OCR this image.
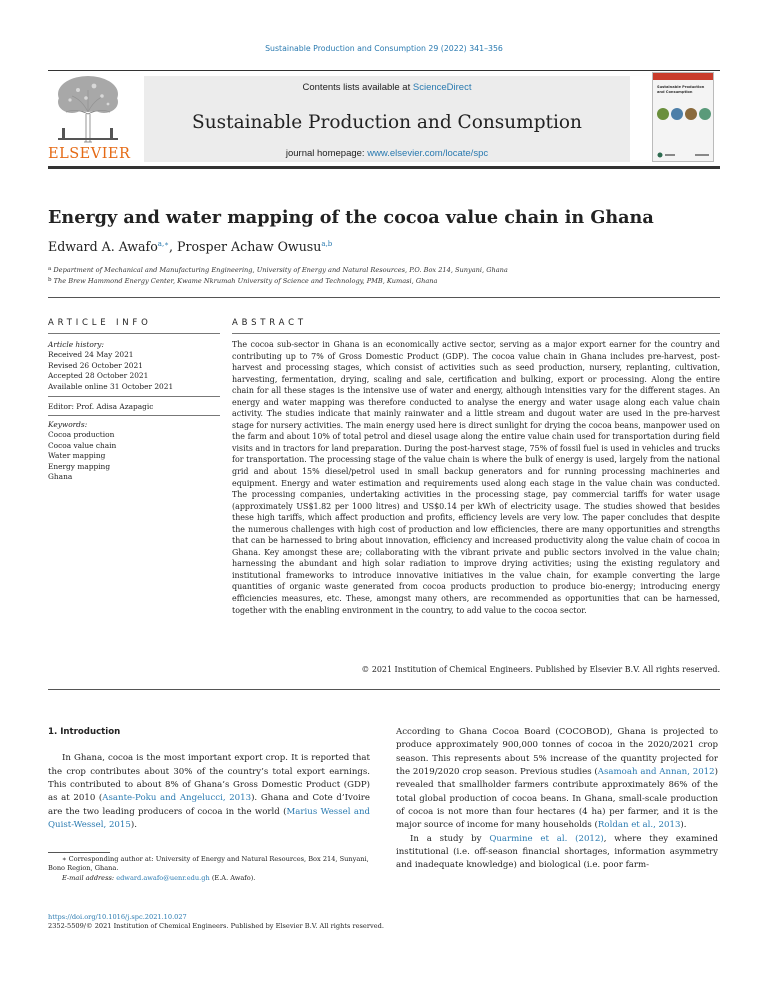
Sustainable Production and Consumption 29 (2022) 341–356
ELSEVIER
Contents lists available at ScienceDirect
Sustainable Production and Consumption
journal homepage: www.elsevier.com/locate/spc
Sustainable Production and Consumption
Energy and water mapping of the cocoa value chain in Ghana
Edward A. Awafo$^{a,∗}$, Prosper Achaw Owusu$^{a,b}$
$^a$ Department of Mechanical and Manufacturing Engineering, University of Energy and Natural Resources, P.O. Box 214, Sunyani, Ghana
$^b$ The Brew Hammond Energy Center, Kwame Nkrumah University of Science and Technology, PMB, Kumasi, Ghana
ARTICLE INFO	ABSTRACT
Article history:
Received 24 May 2021
Revised 26 October 2021
Accepted 28 October 2021
Available online 31 October 2021
Editor: Prof. Adisa Azapagic
Keywords:
Cocoa production
Cocoa value chain
Water mapping
Energy mapping
Ghana
The cocoa sub-sector in Ghana is an economically active sector, serving as a major export earner for the country and contributing up to 7% of Gross Domestic Product (GDP). The cocoa value chain in Ghana includes pre-harvest, post-harvest and processing stages, which consist of activities such as seed production, nursery, replanting, cultivation, harvesting, fermentation, drying, scaling and sale, certification and bulking, export or processing. Along the entire chain for all these stages is the intensive use of water and energy, although intensities vary for the different stages. An energy and water mapping was therefore conducted to analyse the energy and water usage along each value chain activity. The studies indicate that mainly rainwater and a little stream and dugout water are used in the pre-harvest stage for nursery activities. The main energy used here is direct sunlight for drying the cocoa beans, manpower used on the farm and about 10% of total petrol and diesel usage along the entire value chain used for transportation during field visits and in tractors for land preparation. During the post-harvest stage, 75% of fossil fuel is used in vehicles and trucks for transportation. The processing stage of the value chain is where the bulk of energy is used, largely from the national grid and about 15% diesel/petrol used in small backup generators and for running processing machineries and equipment. Energy and water estimation and requirements used along each stage in the value chain was conducted. The processing companies, undertaking activities in the processing stage, pay commercial tariffs for water usage (approximately US$1.82 per 1000 litres) and US$0.14 per kWh of electricity usage. The studies showed that besides these high tariffs, which affect production and profits, efficiency levels are very low. The paper concludes that despite the numerous challenges with high cost of production and low efficiencies, there are many opportunities and strengths that can be harnessed to bring about innovation, efficiency and increased productivity along the value chain of cocoa in Ghana. Key amongst these are; collaborating with the vibrant private and public sectors involved in the value chain; harnessing the abundant and high solar radiation to improve drying activities; using the existing regulatory and institutional frameworks to introduce innovative initiatives in the value chain, for example converting the large quantities of organic waste generated from cocoa products production to produce bio-energy; introducing energy efficiencies measures, etc. These, amongst many others, are recommended as opportunities that can be harnessed, together with the enabling environment in the country, to add value to the cocoa sector.
© 2021 Institution of Chemical Engineers. Published by Elsevier B.V. All rights reserved.
1. Introduction

In Ghana, cocoa is the most important export crop. It is reported that the crop contributes about 30% of the country’s total export earnings. This contributed to about 8% of Ghana’s Gross Domestic Product (GDP) as at 2010 (Asante-Poku and Angelucci, 2013). Ghana and Cote d’Ivoire are the two leading producers of cocoa in the world (Marius Wessel and Quist-Wessel, 2015).

According to Ghana Cocoa Board (COCOBOD), Ghana is projected to produce approximately 900,000 tonnes of cocoa in the 2020/2021 crop season. This represents about 5% increase of the quantity projected for the 2019/2020 crop season. Previous studies (Asamoah and Annan, 2012) revealed that smallholder farmers contribute approximately 86% of the total global production of cocoa beans. In Ghana, small-scale production of cocoa is not more than four hectares (4 ha) per farmer, and it is the major source of income for many households (Roldan et al., 2013).

In a study by Quarmine et al. (2012), where they examined institutional (i.e. off-season financial shortages, information asymmetry and inadequate knowledge) and biological (i.e. poor farm-

∗ Corresponding author at: University of Energy and Natural Resources, Box 214, Sunyani, Bono Region, Ghana.

E-mail address: edward.awafo@uenr.edu.gh (E.A. Awafo).

https://doi.org/10.1016/j.spc.2021.10.027
2352-5509/© 2021 Institution of Chemical Engineers. Published by Elsevier B.V. All rights reserved.
